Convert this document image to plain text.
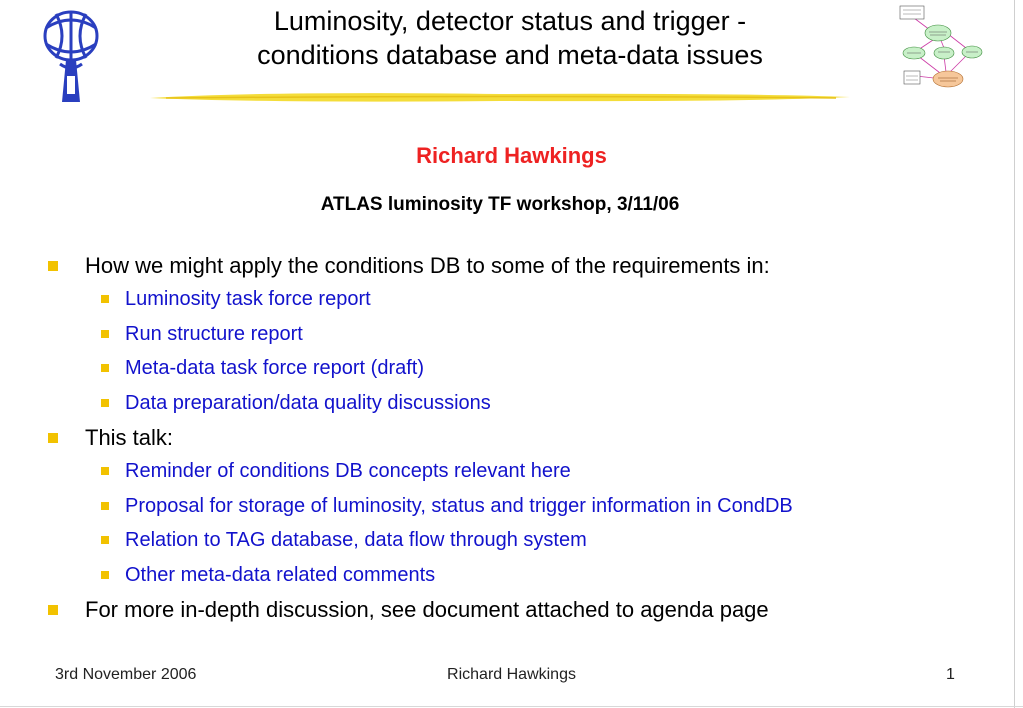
Luminosity, detector status and trigger -
conditions database and meta-data issues
Richard Hawkings
ATLAS luminosity TF workshop, 3/11/06
How we might apply the conditions DB to some of the requirements in:
Luminosity task force report
Run structure report
Meta-data task force report (draft)
Data preparation/data quality discussions
This talk:
Reminder of conditions DB concepts relevant here
Proposal for storage of luminosity, status and trigger information in CondDB
Relation to TAG database, data flow through system
Other meta-data related comments
For more in-depth discussion, see document attached to agenda page
3rd November 2006	Richard Hawkings	1
